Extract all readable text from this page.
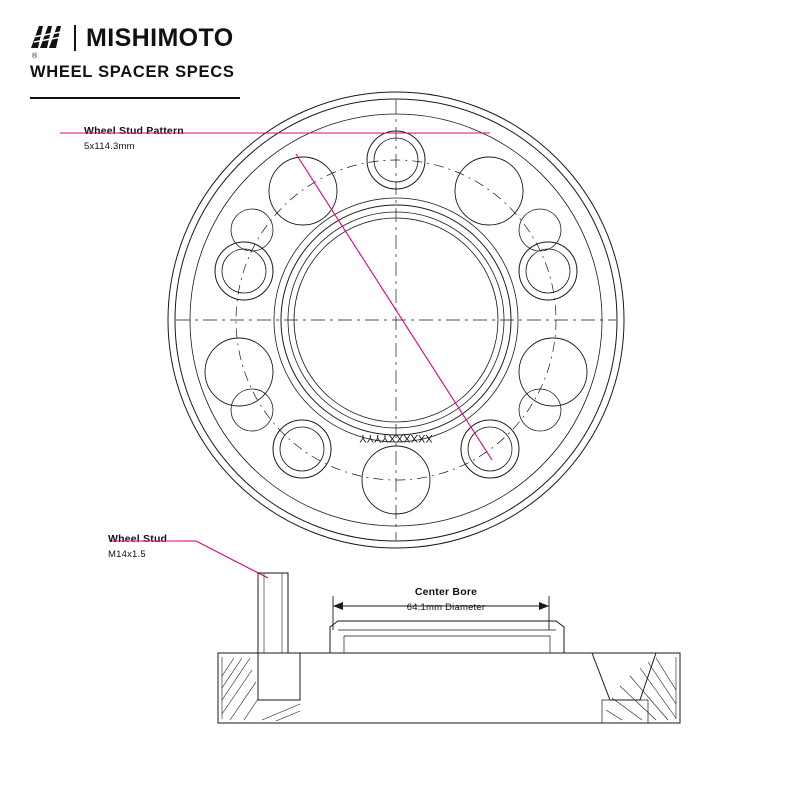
®
MISHIMOTO
WHEEL SPACER SPECS
Wheel Stud Pattern
5x114.3mm
Wheel Stud
M14x1.5
Center Bore
64.1mm Diameter
XXXXXXYYYY
